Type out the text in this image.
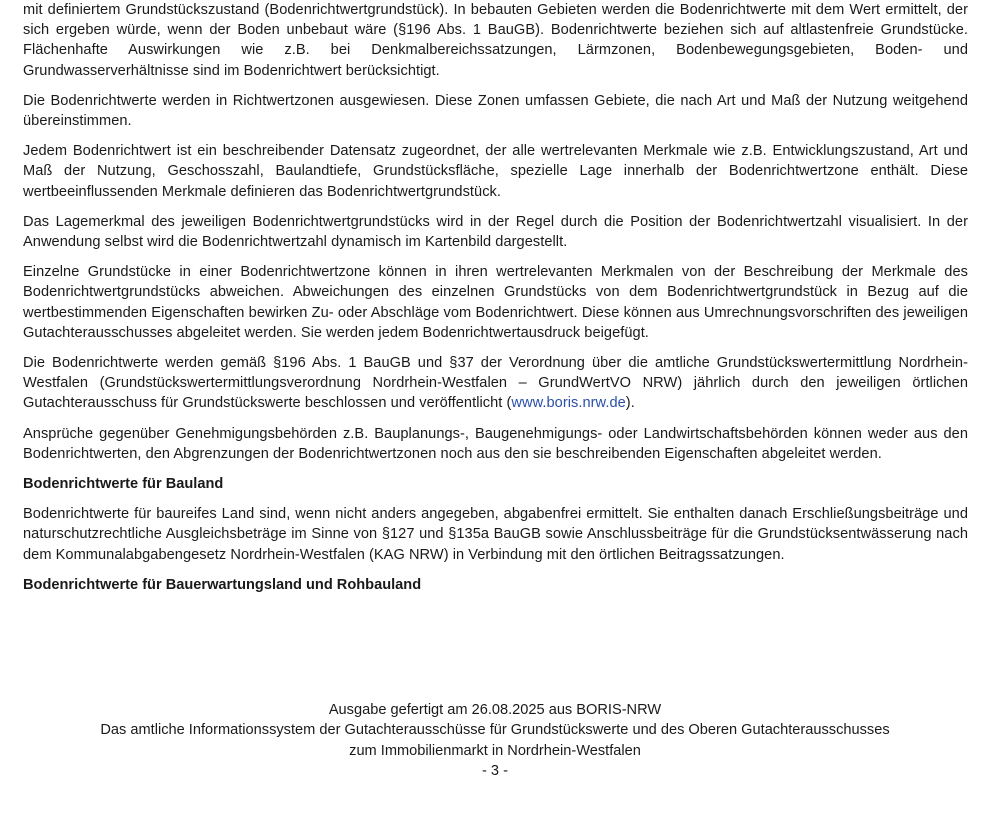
mit definiertem Grundstückszustand (Bodenrichtwertgrundstück). In bebauten Gebieten werden die Bodenrichtwerte mit dem Wert ermittelt, der sich ergeben würde, wenn der Boden unbebaut wäre (§196 Abs. 1 BauGB). Bodenrichtwerte beziehen sich auf altlastenfreie Grundstücke. Flächenhafte Auswirkungen wie z.B. bei Denkmalbereichssatzungen, Lärmzonen, Bodenbewegungsgebieten, Boden- und Grundwasserverhältnisse sind im Bodenrichtwert berücksichtigt.

Die Bodenrichtwerte werden in Richtwertzonen ausgewiesen. Diese Zonen umfassen Gebiete, die nach Art und Maß der Nutzung weitgehend übereinstimmen.

Jedem Bodenrichtwert ist ein beschreibender Datensatz zugeordnet, der alle wertrelevanten Merkmale wie z.B. Entwicklungszustand, Art und Maß der Nutzung, Geschosszahl, Baulandtiefe, Grundstücksfläche, spezielle Lage innerhalb der Bodenrichtwertzone enthält. Diese wertbeeinflussenden Merkmale definieren das Bodenrichtwertgrundstück.

Das Lagemerkmal des jeweiligen Bodenrichtwertgrundstücks wird in der Regel durch die Position der Bodenrichtwertzahl visualisiert. In der Anwendung selbst wird die Bodenrichtwertzahl dynamisch im Kartenbild dargestellt.

Einzelne Grundstücke in einer Bodenrichtwertzone können in ihren wertrelevanten Merkmalen von der Beschreibung der Merkmale des Bodenrichtwertgrundstücks abweichen. Abweichungen des einzelnen Grundstücks von dem Bodenrichtwertgrundstück in Bezug auf die wertbestimmenden Eigenschaften bewirken Zu- oder Abschläge vom Bodenrichtwert. Diese können aus Umrechnungsvorschriften des jeweiligen Gutachterausschusses abgeleitet werden. Sie werden jedem Bodenrichtwertausdruck beigefügt.

Die Bodenrichtwerte werden gemäß §196 Abs. 1 BauGB und §37 der Verordnung über die amtliche Grundstückswertermittlung Nordrhein-Westfalen (Grundstückswertermittlungsverordnung Nordrhein-Westfalen – GrundWertVO NRW) jährlich durch den jeweiligen örtlichen Gutachterausschuss für Grundstückswerte beschlossen und veröffentlicht (www.boris.nrw.de).

Ansprüche gegenüber Genehmigungsbehörden z.B. Bauplanungs-, Baugenehmigungs- oder Landwirtschaftsbehörden können weder aus den Bodenrichtwerten, den Abgrenzungen der Bodenrichtwertzonen noch aus den sie beschreibenden Eigenschaften abgeleitet werden.

Bodenrichtwerte für Bauland

Bodenrichtwerte für baureifes Land sind, wenn nicht anders angegeben, abgabenfrei ermittelt. Sie enthalten danach Erschließungsbeiträge und naturschutzrechtliche Ausgleichsbeträge im Sinne von §127 und §135a BauGB sowie Anschlussbeiträge für die Grundstücksentwässerung nach dem Kommunalabgabengesetz Nordrhein-Westfalen (KAG NRW) in Verbindung mit den örtlichen Beitragssatzungen.

Bodenrichtwerte für Bauerwartungsland und Rohbauland
Ausgabe gefertigt am 26.08.2025 aus BORIS-NRW
Das amtliche Informationssystem der Gutachterausschüsse für Grundstückswerte und des Oberen Gutachterausschusses
zum Immobilienmarkt in Nordrhein-Westfalen
- 3 -
